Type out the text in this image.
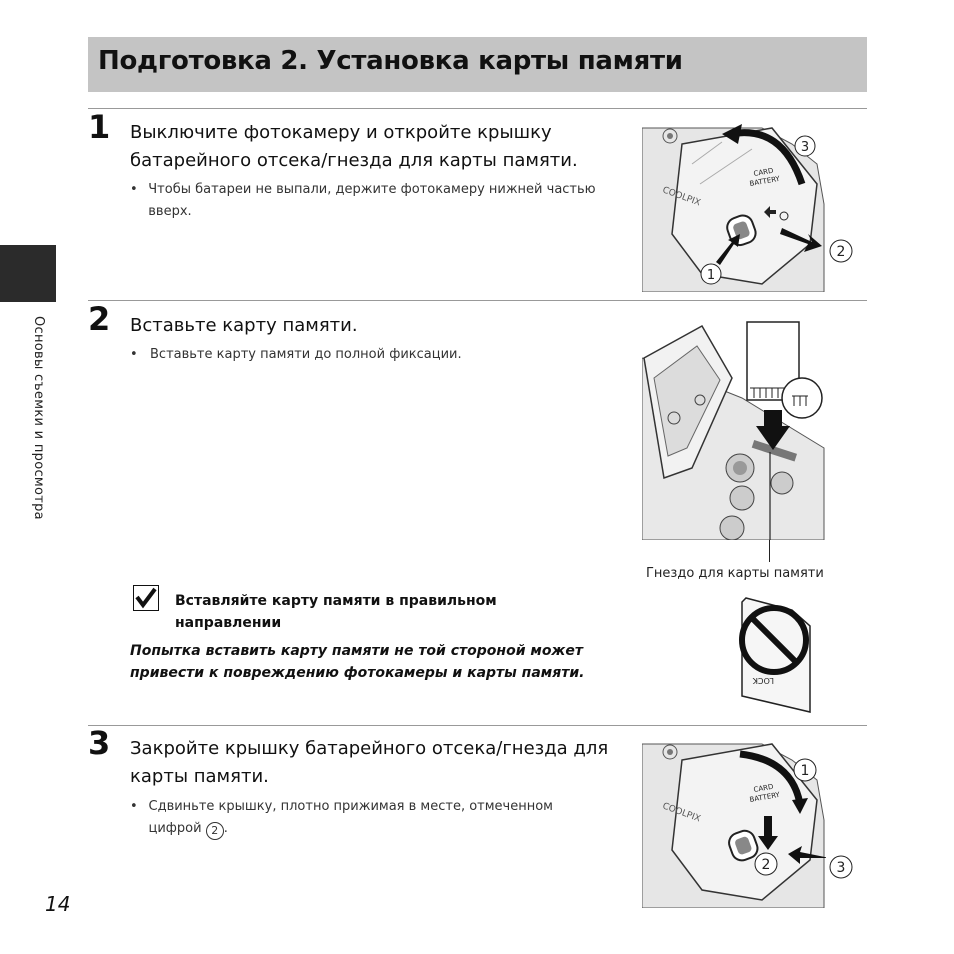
Подготовка 2. Установка карты памяти
Основы съемки и просмотра
1 Выключите фотокамеру и откройте крышку батарейного отсека/гнезда для карты памяти.
• Чтобы батареи не выпали, держите фотокамеру нижней частью вверх.
COOLPIX
CARD
BATTERY
3
1
2
2 Вставьте карту памяти.
• Вставьте карту памяти до полной фиксации.
Гнездо для карты памяти
Вставляйте карту памяти в правильном направлении
Попытка вставить карту памяти не той стороной может привести к повреждению фотокамеры и карты памяти.	LOCK
3 Закройте крышку батарейного отсека/гнезда для карты памяти.
• Сдвиньте крышку, плотно прижимая в месте, отмеченном цифрой 2 .
COOLPIX
CARD
BATTERY
1
2	3
14
